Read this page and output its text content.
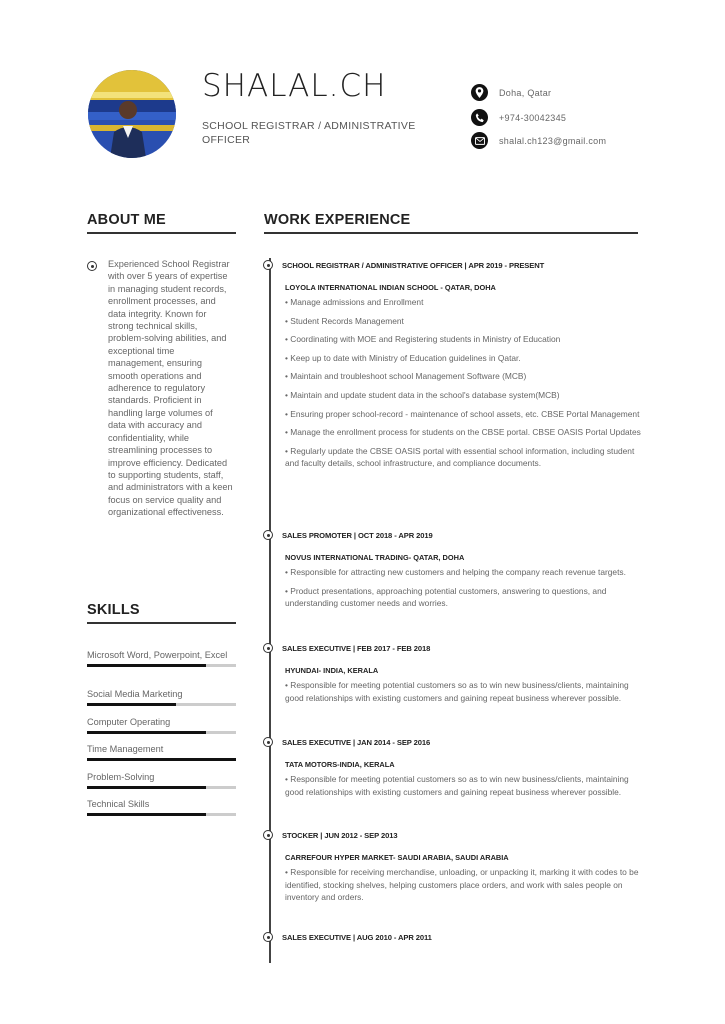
SHALAL.CH
SCHOOL REGISTRAR / ADMINISTRATIVE OFFICER
Doha, Qatar
+974-30042345
shalal.ch123@gmail.com
ABOUT ME
Experienced School Registrar with over 5 years of expertise in managing student records, enrollment processes, and data integrity. Known for strong technical skills, problem-solving abilities, and exceptional time management, ensuring smooth operations and adherence to regulatory standards. Proficient in handling large volumes of data with accuracy and confidentiality, while streamlining processes to improve efficiency. Dedicated to supporting students, staff, and administrators with a keen focus on service quality and organizational effectiveness.
SKILLS
Microsoft Word, Powerpoint, Excel
Social Media Marketing
Computer Operating
Time Management
Problem-Solving
Technical Skills
WORK EXPERIENCE
SCHOOL REGISTRAR / ADMINISTRATIVE OFFICER | APR 2019 - PRESENT
LOYOLA INTERNATIONAL INDIAN SCHOOL - QATAR, DOHA
• Manage admissions and Enrollment
• Student Records Management
• Coordinating with MOE and Registering students in Ministry of Education
• Keep up to date with Ministry of Education guidelines in Qatar.
• Maintain and troubleshoot school Management Software (MCB)
• Maintain and update student data in the school's database system(MCB)
• Ensuring proper school-record - maintenance of school assets, etc. CBSE Portal Management
• Manage the enrollment process for students on the CBSE portal. CBSE OASIS Portal Updates
• Regularly update the CBSE OASIS portal with essential school information, including student and faculty details, school infrastructure, and compliance documents.
SALES PROMOTER | OCT 2018 - APR 2019
NOVUS INTERNATIONAL TRADING- QATAR, DOHA
• Responsible for attracting new customers and helping the company reach revenue targets.
• Product presentations, approaching potential customers, answering to questions, and understanding customer needs and worries.
SALES EXECUTIVE | FEB 2017 - FEB 2018
HYUNDAI- INDIA, KERALA
• Responsible for meeting potential customers so as to win new business/clients, maintaining good relationships with existing customers and gaining repeat business wherever possible.
SALES EXECUTIVE | JAN 2014 - SEP 2016
TATA MOTORS-INDIA, KERALA
• Responsible for meeting potential customers so as to win new business/clients, maintaining good relationships with existing customers and gaining repeat business wherever possible.
STOCKER | JUN 2012 - SEP 2013
CARREFOUR HYPER MARKET- SAUDI ARABIA, SAUDI ARABIA
• Responsible for receiving merchandise, unloading, or unpacking it, marking it with codes to be identified, stocking shelves, helping customers place orders, and work with sales people on inventory and orders.
SALES EXECUTIVE | AUG 2010 - APR 2011
